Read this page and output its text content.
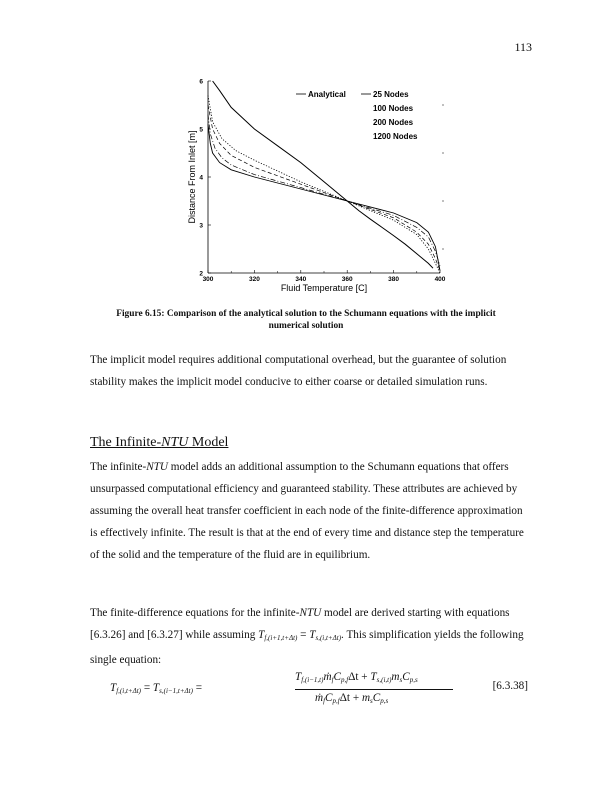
113
300	320	340	360	380	400
2
3
4
5
6
Fluid Temperature [C]
Distance From Inlet [m]
Analytical	25 Nodes
100 Nodes
200 Nodes
1200 Nodes
Figure 6.15: Comparison of the analytical solution to the Schumann equations with the implicit
numerical solution

The implicit model requires additional computational overhead, but the guarantee of solution stability makes the implicit model conducive to either coarse or detailed simulation runs.

The Infinite-NTU Model

The infinite-NTU model adds an additional assumption to the Schumann equations that offers unsurpassed computational efficiency and guaranteed stability. These attributes are achieved by assuming the overall heat transfer coefficient in each node of the finite-difference approximation is effectively infinite. The result is that at the end of every time and distance step the temperature of the solid and the temperature of the fluid are in equilibrium.

The finite-difference equations for the infinite-NTU model are derived starting with equations [6.3.26] and [6.3.27] while assuming $T_{f,(i+1,t+\Delta t)} = T_{s,(i,t+\Delta t)}$. This simplification yields the following single equation:

$T_{f,(i,t+\Delta t)} = T_{s,(i-1,t+\Delta t)}$ =
$T_{f,(i-1,t)}ṁ_fC_{p,f}\Delta t + T_{s,(i,t)}m_sC_{p,s}$
$ṁ_fC_{p,f}\Delta t + m_sC_{p,s}$
[6.3.38]
